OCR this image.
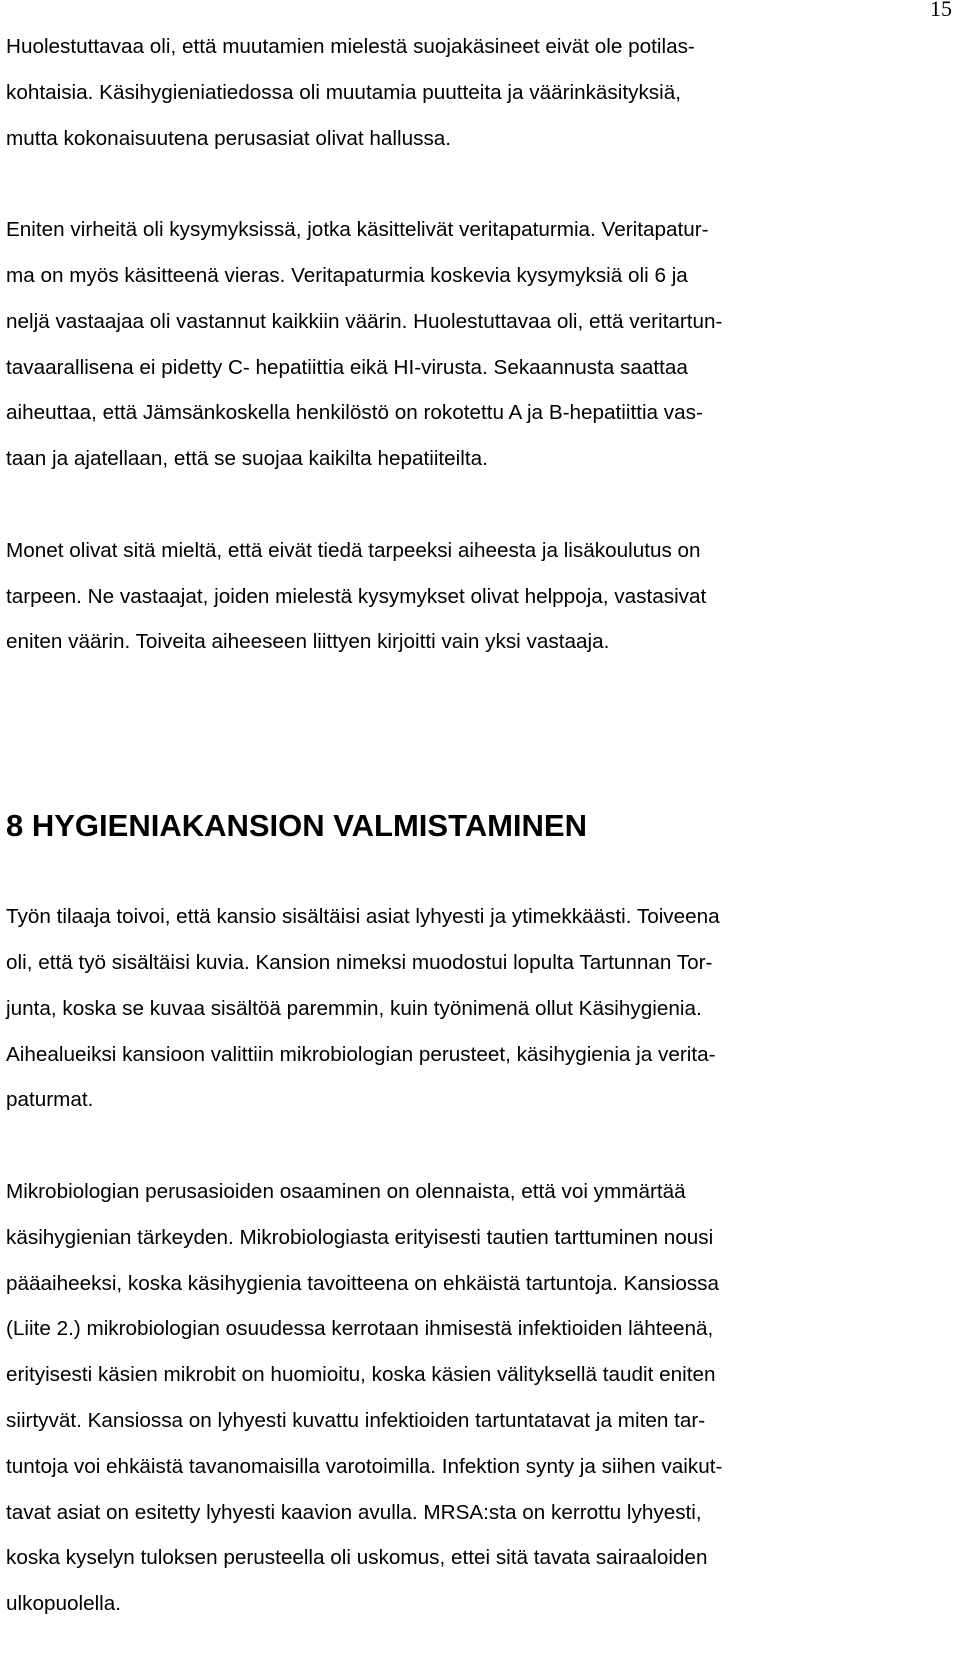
15
Huolestuttavaa oli, että muutamien mielestä suojakäsineet eivät ole potilas-
kohtaisia. Käsihygieniatiedossa oli muutamia puutteita ja väärinkäsityksiä,
mutta kokonaisuutena perusasiat olivat hallussa.
Eniten virheitä oli kysymyksissä, jotka käsittelivät veritapaturmia. Veritapatur-
ma on myös käsitteenä vieras. Veritapaturmia koskevia kysymyksiä oli 6 ja
neljä vastaajaa oli vastannut kaikkiin väärin. Huolestuttavaa oli, että veritartun-
tavaarallisena ei pidetty C- hepatiittia eikä HI-virusta. Sekaannusta saattaa
aiheuttaa, että Jämsänkoskella henkilöstö on rokotettu A ja B-hepatiittia vas-
taan ja ajatellaan, että se suojaa kaikilta hepatiiteilta.
Monet olivat sitä mieltä, että eivät tiedä tarpeeksi aiheesta ja lisäkoulutus on
tarpeen. Ne vastaajat, joiden mielestä kysymykset olivat helppoja, vastasivat
eniten väärin. Toiveita aiheeseen liittyen kirjoitti vain yksi vastaaja.
8 HYGIENIAKANSION VALMISTAMINEN
Työn tilaaja toivoi, että kansio sisältäisi asiat lyhyesti ja ytimekkäästi. Toiveena
oli, että työ sisältäisi kuvia. Kansion nimeksi muodostui lopulta Tartunnan Tor-
junta, koska se kuvaa sisältöä paremmin, kuin työnimenä ollut Käsihygienia.
Aihealueiksi kansioon valittiin mikrobiologian perusteet, käsihygienia ja verita-
paturmat.
Mikrobiologian perusasioiden osaaminen on olennaista, että voi ymmärtää
käsihygienian tärkeyden. Mikrobiologiasta erityisesti tautien tarttuminen nousi
pääaiheeksi, koska käsihygienia tavoitteena on ehkäistä tartuntoja. Kansiossa
(Liite 2.) mikrobiologian osuudessa kerrotaan ihmisestä infektioiden lähteenä,
erityisesti käsien mikrobit on huomioitu, koska käsien välityksellä taudit eniten
siirtyvät. Kansiossa on lyhyesti kuvattu infektioiden tartuntatavat ja miten tar-
tuntoja voi ehkäistä tavanomaisilla varotoimilla. Infektion synty ja siihen vaikut-
tavat asiat on esitetty lyhyesti kaavion avulla. MRSA:sta on kerrottu lyhyesti,
koska kyselyn tuloksen perusteella oli uskomus, ettei sitä tavata sairaaloiden
ulkopuolella.
